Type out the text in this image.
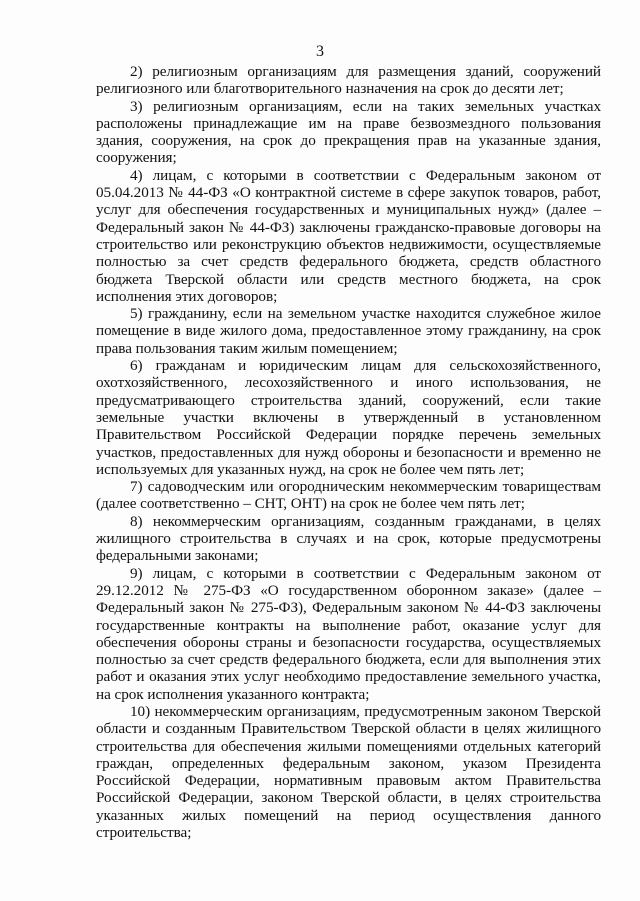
3

2) религиозным организациям для размещения зданий, сооружений религиозного или благотворительного назначения на срок до десяти лет;

3) религиозным организациям, если на таких земельных участках расположены принадлежащие им на праве безвозмездного пользования здания, сооружения, на срок до прекращения прав на указанные здания, сооружения;

4) лицам, с которыми в соответствии с Федеральным законом от 05.04.2013 № 44-ФЗ «О контрактной системе в сфере закупок товаров, работ, услуг для обеспечения государственных и муниципальных нужд» (далее – Федеральный закон № 44-ФЗ) заключены гражданско-правовые договоры на строительство или реконструкцию объектов недвижимости, осуществляемые полностью за счет средств федерального бюджета, средств областного бюджета Тверской области или средств местного бюджета, на срок исполнения этих договоров;

5) гражданину, если на земельном участке находится служебное жилое помещение в виде жилого дома, предоставленное этому гражданину, на срок права пользования таким жилым помещением;

6) гражданам и юридическим лицам для сельскохозяйственного, охотхозяйственного, лесохозяйственного и иного использования, не предусматривающего строительства зданий, сооружений, если такие земельные участки включены в утвержденный в установленном Правительством Российской Федерации порядке перечень земельных участков, предоставленных для нужд обороны и безопасности и временно не используемых для указанных нужд, на срок не более чем пять лет;

7) садоводческим или огородническим некоммерческим товариществам (далее соответственно – СНТ, ОНТ) на срок не более чем пять лет;

8) некоммерческим организациям, созданным гражданами, в целях жилищного строительства в случаях и на срок, которые предусмотрены федеральными законами;

9) лицам, с которыми в соответствии с Федеральным законом от 29.12.2012 № 275-ФЗ «О государственном оборонном заказе» (далее – Федеральный закон № 275-ФЗ), Федеральным законом № 44-ФЗ заключены государственные контракты на выполнение работ, оказание услуг для обеспечения обороны страны и безопасности государства, осуществляемых полностью за счет средств федерального бюджета, если для выполнения этих работ и оказания этих услуг необходимо предоставление земельного участка, на срок исполнения указанного контракта;

10) некоммерческим организациям, предусмотренным законом Тверской области и созданным Правительством Тверской области в целях жилищного строительства для обеспечения жилыми помещениями отдельных категорий граждан, определенных федеральным законом, указом Президента Российской Федерации, нормативным правовым актом Правительства Российской Федерации, законом Тверской области, в целях строительства указанных жилых помещений на период осуществления данного строительства;
